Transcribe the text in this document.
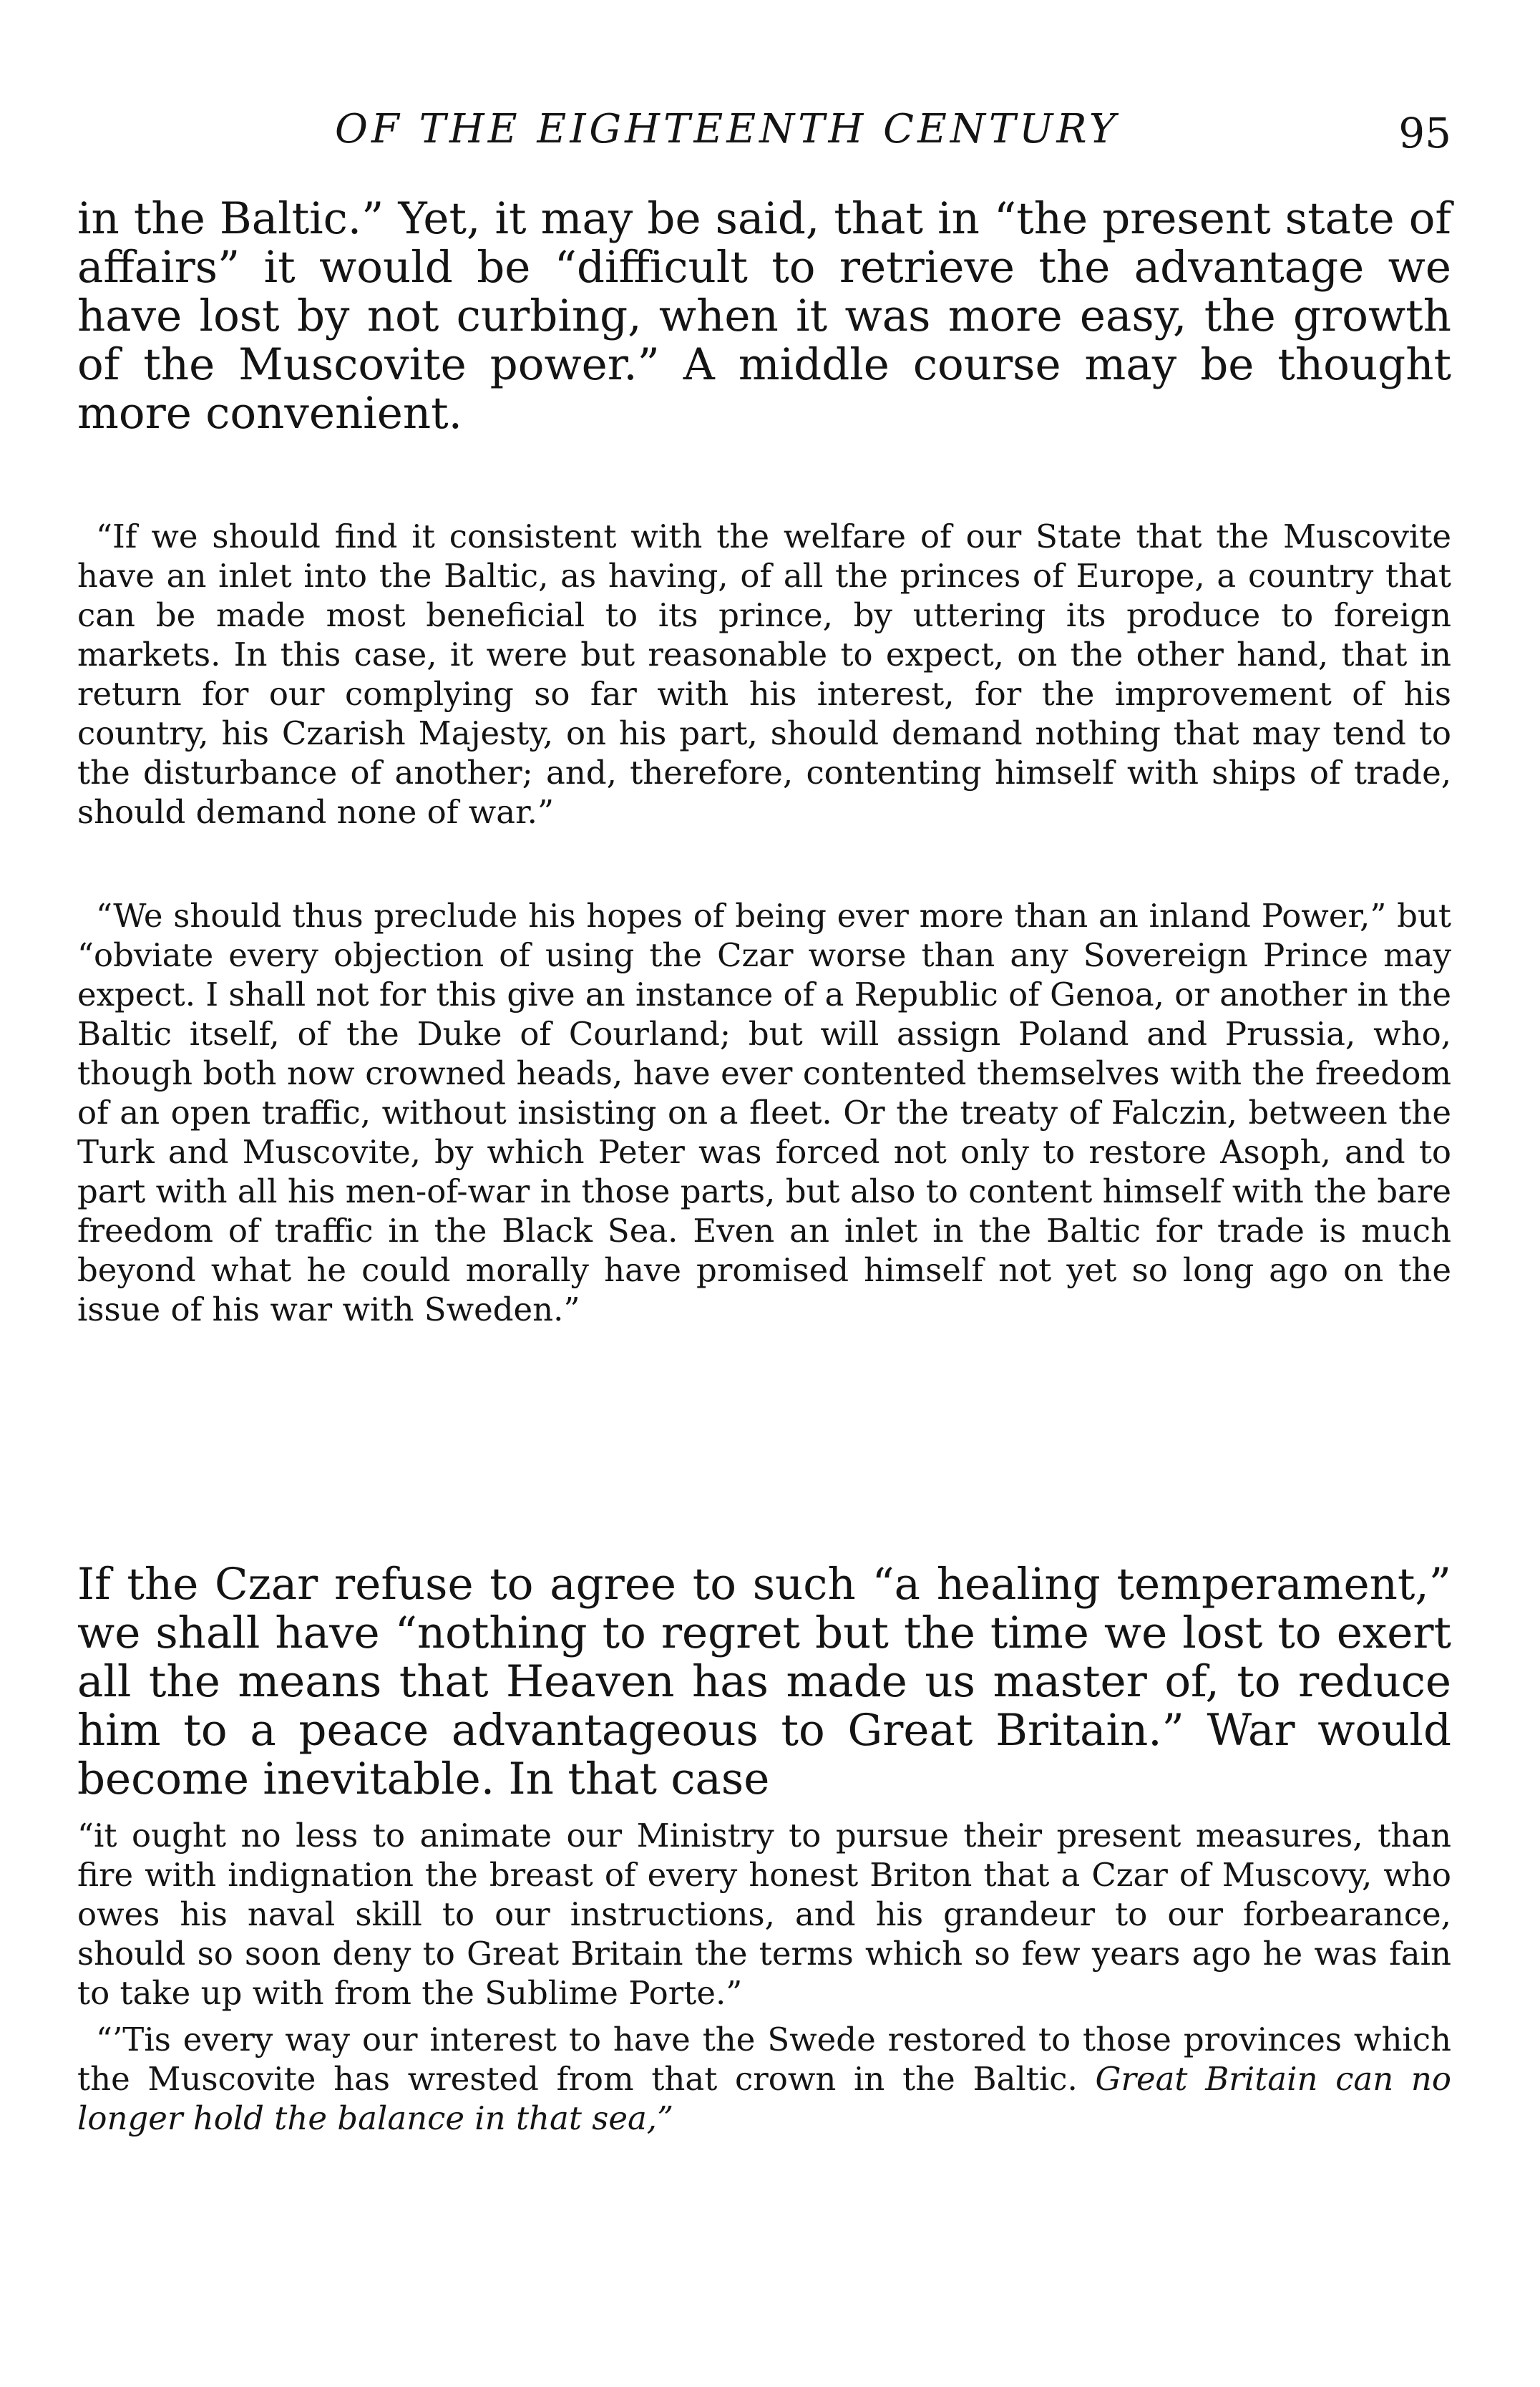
OF THE EIGHTEENTH CENTURY	95

in the Baltic.” Yet, it may be said, that in “the present state of affairs” it would be “difficult to retrieve the advantage we have lost by not curbing, when it was more easy, the growth of the Muscovite power.” A middle course may be thought more convenient.

“If we should find it consistent with the welfare of our State that the Muscovite have an inlet into the Baltic, as having, of all the princes of Europe, a country that can be made most beneficial to its prince, by uttering its produce to foreign markets. In this case, it were but reasonable to expect, on the other hand, that in return for our complying so far with his interest, for the improvement of his country, his Czarish Majesty, on his part, should demand nothing that may tend to the disturbance of another; and, therefore, contenting himself with ships of trade, should demand none of war.”

“We should thus preclude his hopes of being ever more than an inland Power,” but “obviate every objection of using the Czar worse than any Sovereign Prince may expect. I shall not for this give an instance of a Republic of Genoa, or another in the Baltic itself, of the Duke of Courland; but will assign Poland and Prussia, who, though both now crowned heads, have ever contented themselves with the freedom of an open traffic, without insisting on a fleet. Or the treaty of Falczin, between the Turk and Muscovite, by which Peter was forced not only to restore Asoph, and to part with all his men-of-war in those parts, but also to content himself with the bare freedom of traffic in the Black Sea. Even an inlet in the Baltic for trade is much beyond what he could morally have promised himself not yet so long ago on the issue of his war with Sweden.”

If the Czar refuse to agree to such “a healing temperament,” we shall have “nothing to regret but the time we lost to exert all the means that Heaven has made us master of, to reduce him to a peace advantageous to Great Britain.” War would become inevitable. In that case

“it ought no less to animate our Ministry to pursue their present measures, than fire with indignation the breast of every honest Briton that a Czar of Muscovy, who owes his naval skill to our instructions, and his grandeur to our forbearance, should so soon deny to Great Britain the terms which so few years ago he was fain to take up with from the Sublime Porte.”

“’Tis every way our interest to have the Swede restored to those provinces which the Muscovite has wrested from that crown in the Baltic. Great Britain can no longer hold the balance in that sea,”
